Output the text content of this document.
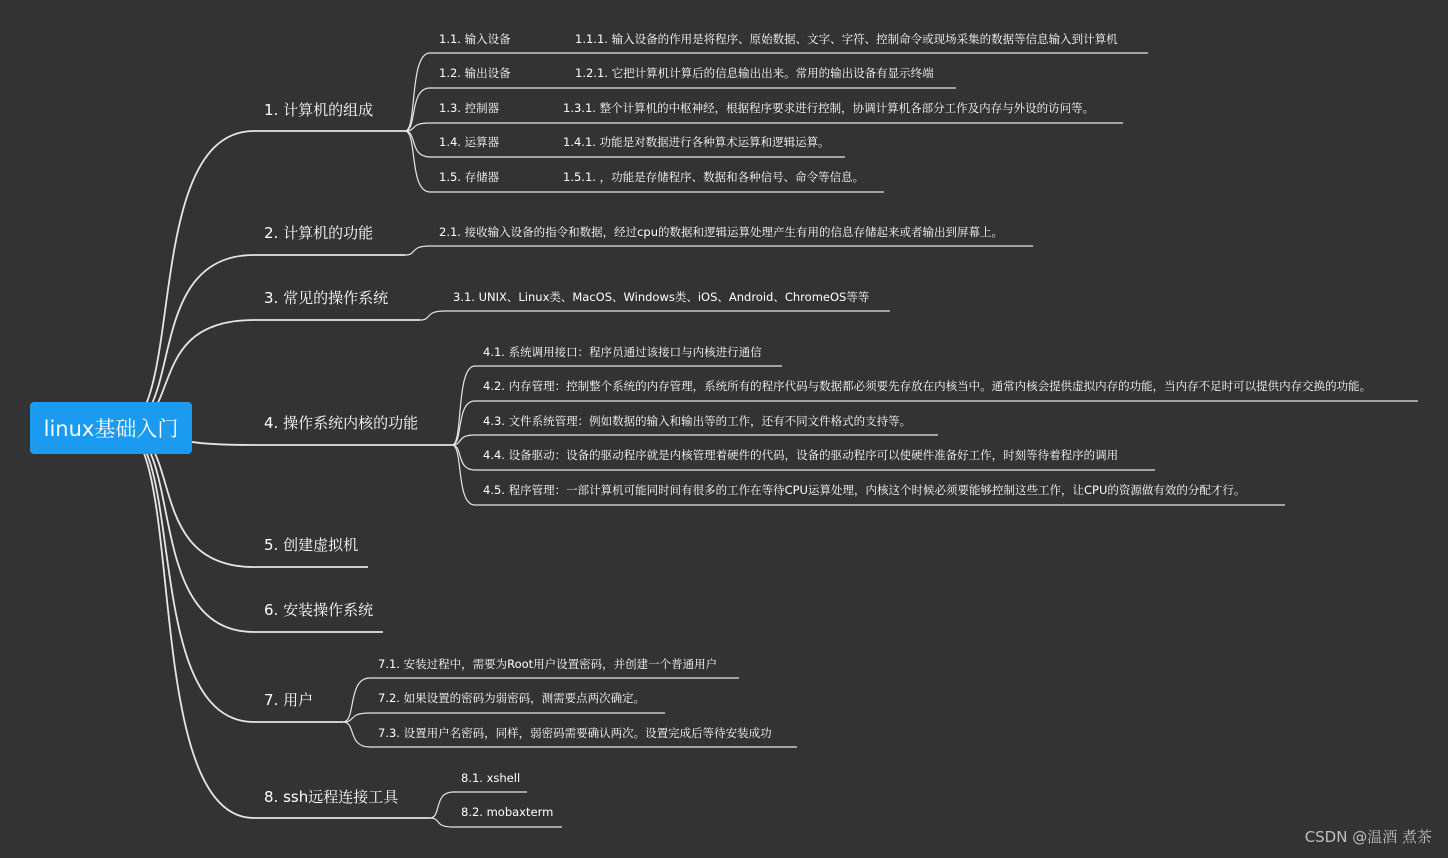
linux基础入门
1. 计算机的组成
2. 计算机的功能
3. 常见的操作系统
4. 操作系统内核的功能
5. 创建虚拟机
6. 安装操作系统
7. 用户
8. ssh远程连接工具
1.1. 输入设备
1.2. 输出设备
1.3. 控制器
1.4. 运算器
1.5. 存储器
1.1.1. 输入设备的作用是将程序、原始数据、文字、字符、控制命令或现场采集的数据等信息输入到计算机
1.2.1. 它把计算机计算后的信息输出出来。常用的输出设备有显示终端
1.3.1. 整个计算机的中枢神经，根据程序要求进行控制，协调计算机各部分工作及内存与外设的访问等。
1.4.1. 功能是对数据进行各种算术运算和逻辑运算。
1.5.1. ，功能是存储程序、数据和各种信号、命令等信息。
2.1. 接收输入设备的指令和数据，经过cpu的数据和逻辑运算处理产生有用的信息存储起来或者输出到屏幕上。
3.1. UNIX、Linux类、MacOS、Windows类、iOS、Android、ChromeOS等等
4.1. 系统调用接口：程序员通过该接口与内核进行通信
4.2. 内存管理：控制整个系统的内存管理，系统所有的程序代码与数据都必须要先存放在内核当中。通常内核会提供虚拟内存的功能，当内存不足时可以提供内存交换的功能。
4.3. 文件系统管理：例如数据的输入和输出等的工作，还有不同文件格式的支持等。
4.4. 设备驱动：设备的驱动程序就是内核管理着硬件的代码，设备的驱动程序可以使硬件准备好工作，时刻等待着程序的调用
4.5. 程序管理：一部计算机可能同时间有很多的工作在等待CPU运算处理，内核这个时候必须要能够控制这些工作，让CPU的资源做有效的分配才行。
7.1. 安装过程中，需要为Root用户设置密码，并创建一个普通用户
7.2. 如果设置的密码为弱密码，测需要点两次确定。
7.3. 设置用户名密码，同样，弱密码需要确认两次。设置完成后等待安装成功
8.1. xshell
8.2. mobaxterm
CSDN @温酒 煮茶
